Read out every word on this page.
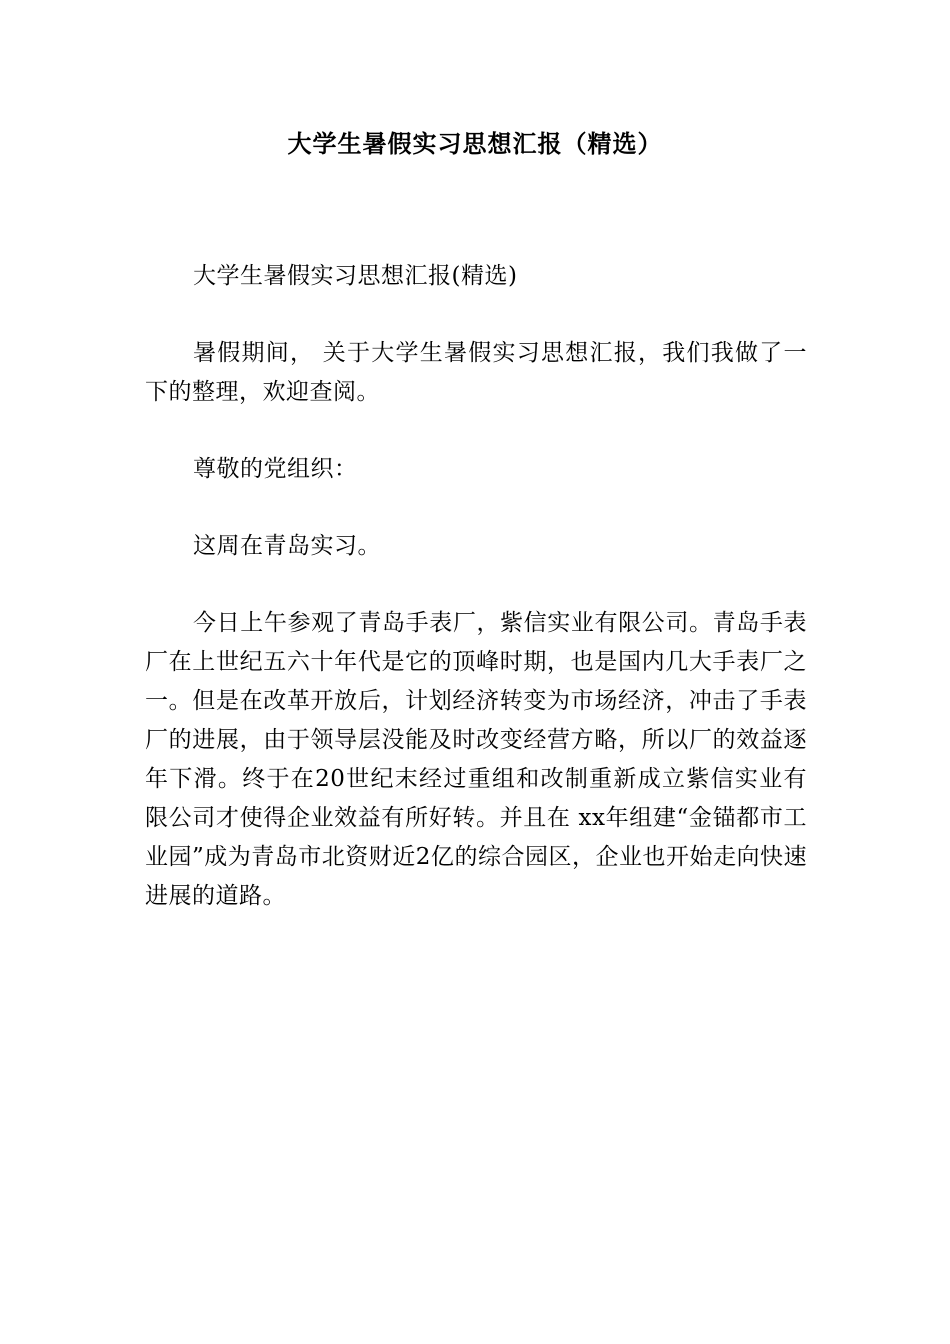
大学生暑假实习思想汇报（精选）

大学生暑假实习思想汇报(精选)

暑假期间， 关于大学生暑假实习思想汇报，我们我做了一下的整理，欢迎查阅。

尊敬的党组织：

这周在青岛实习。

今日上午参观了青岛手表厂，紫信实业有限公司。青岛手表厂在上世纪五六十年代是它的顶峰时期，也是国内几大手表厂之一。但是在改革开放后，计划经济转变为市场经济，冲击了手表厂的进展，由于领导层没能及时改变经营方略，所以厂的效益逐年下滑。终于在20世纪末经过重组和改制重新成立紫信实业有限公司才使得企业效益有所好转。并且在 xx年组建“金锚都市工业园”成为青岛市北资财近2亿的综合园区，企业也开始走向快速进展的道路。
